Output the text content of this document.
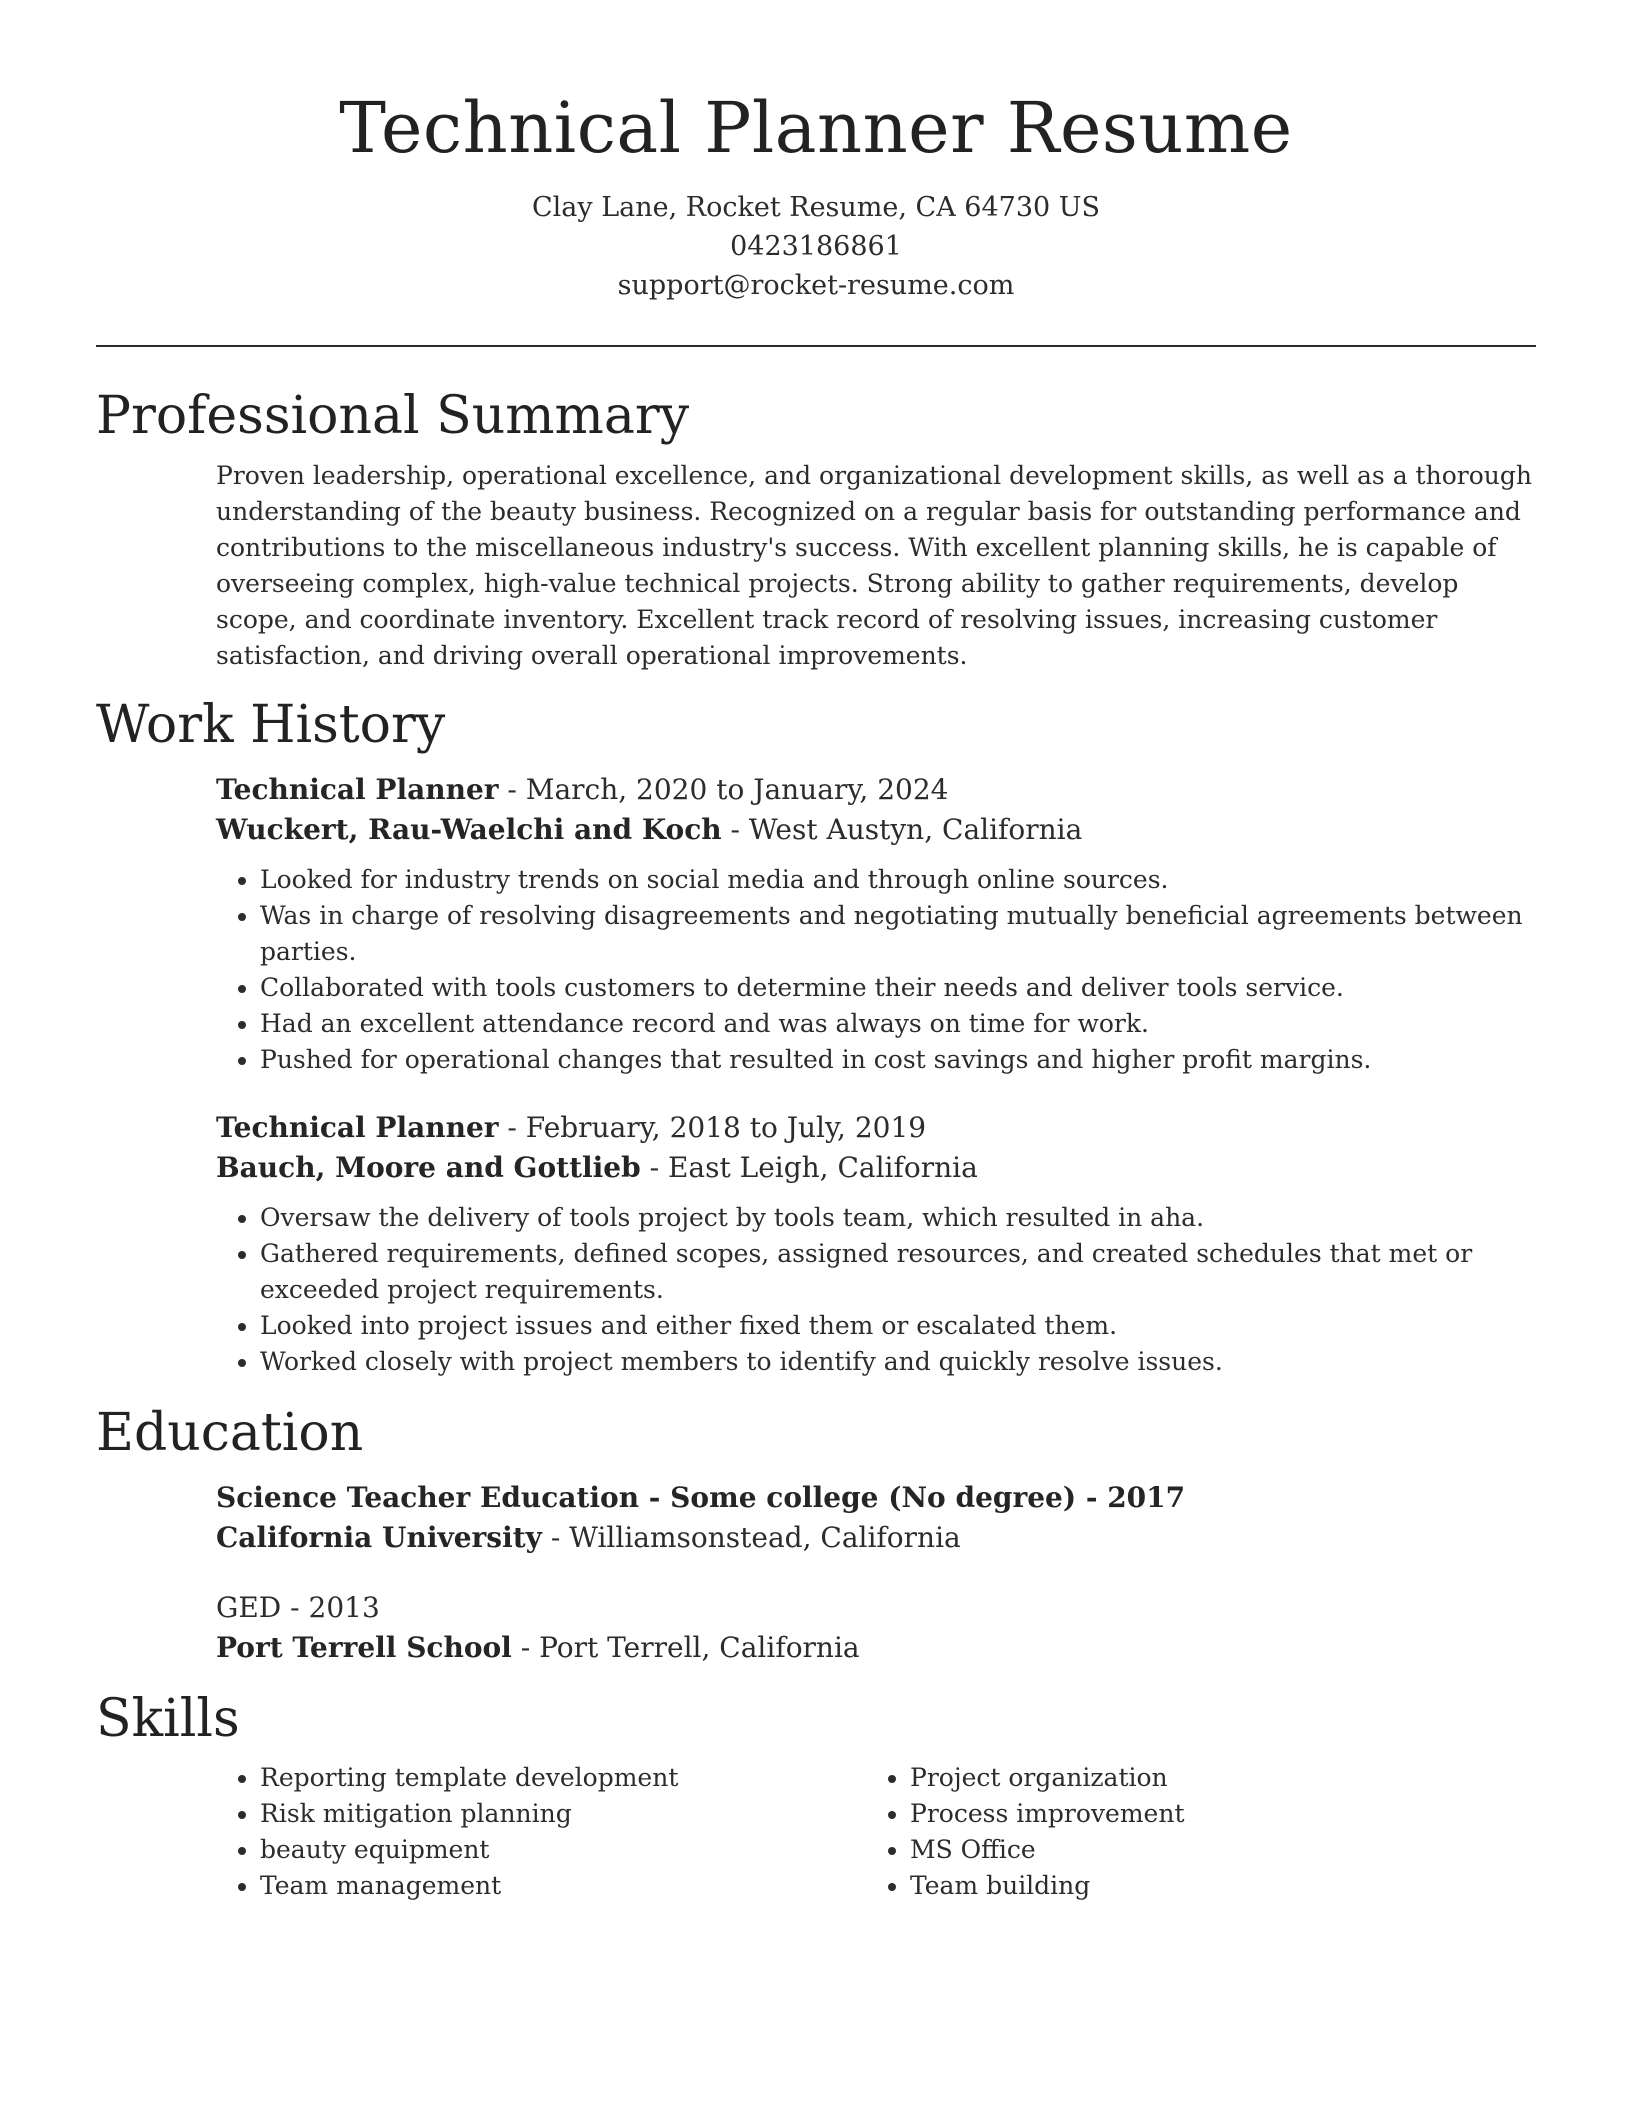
Technical Planner Resume
Clay Lane, Rocket Resume, CA 64730 US
0423186861
support@rocket-resume.com
Professional Summary
Proven leadership, operational excellence, and organizational development skills, as well as a thorough understanding of the beauty business. Recognized on a regular basis for outstanding performance and contributions to the miscellaneous industry's success. With excellent planning skills, he is capable of overseeing complex, high-value technical projects. Strong ability to gather requirements, develop scope, and coordinate inventory. Excellent track record of resolving issues, increasing customer satisfaction, and driving overall operational improvements.
Work History
Technical Planner - March, 2020 to January, 2024
Wuckert, Rau-Waelchi and Koch - West Austyn, California
• Looked for industry trends on social media and through online sources.
• Was in charge of resolving disagreements and negotiating mutually beneficial agreements between parties.
• Collaborated with tools customers to determine their needs and deliver tools service.
• Had an excellent attendance record and was always on time for work.
• Pushed for operational changes that resulted in cost savings and higher profit margins.
Technical Planner - February, 2018 to July, 2019
Bauch, Moore and Gottlieb - East Leigh, California
• Oversaw the delivery of tools project by tools team, which resulted in aha.
• Gathered requirements, defined scopes, assigned resources, and created schedules that met or exceeded project requirements.
• Looked into project issues and either fixed them or escalated them.
• Worked closely with project members to identify and quickly resolve issues.
Education
Science Teacher Education - Some college (No degree) - 2017
California University - Williamsonstead, California
GED - 2013
Port Terrell School - Port Terrell, California
Skills
• Reporting template development
• Risk mitigation planning
• beauty equipment
• Team management
• Project organization
• Process improvement
• MS Office
• Team building
